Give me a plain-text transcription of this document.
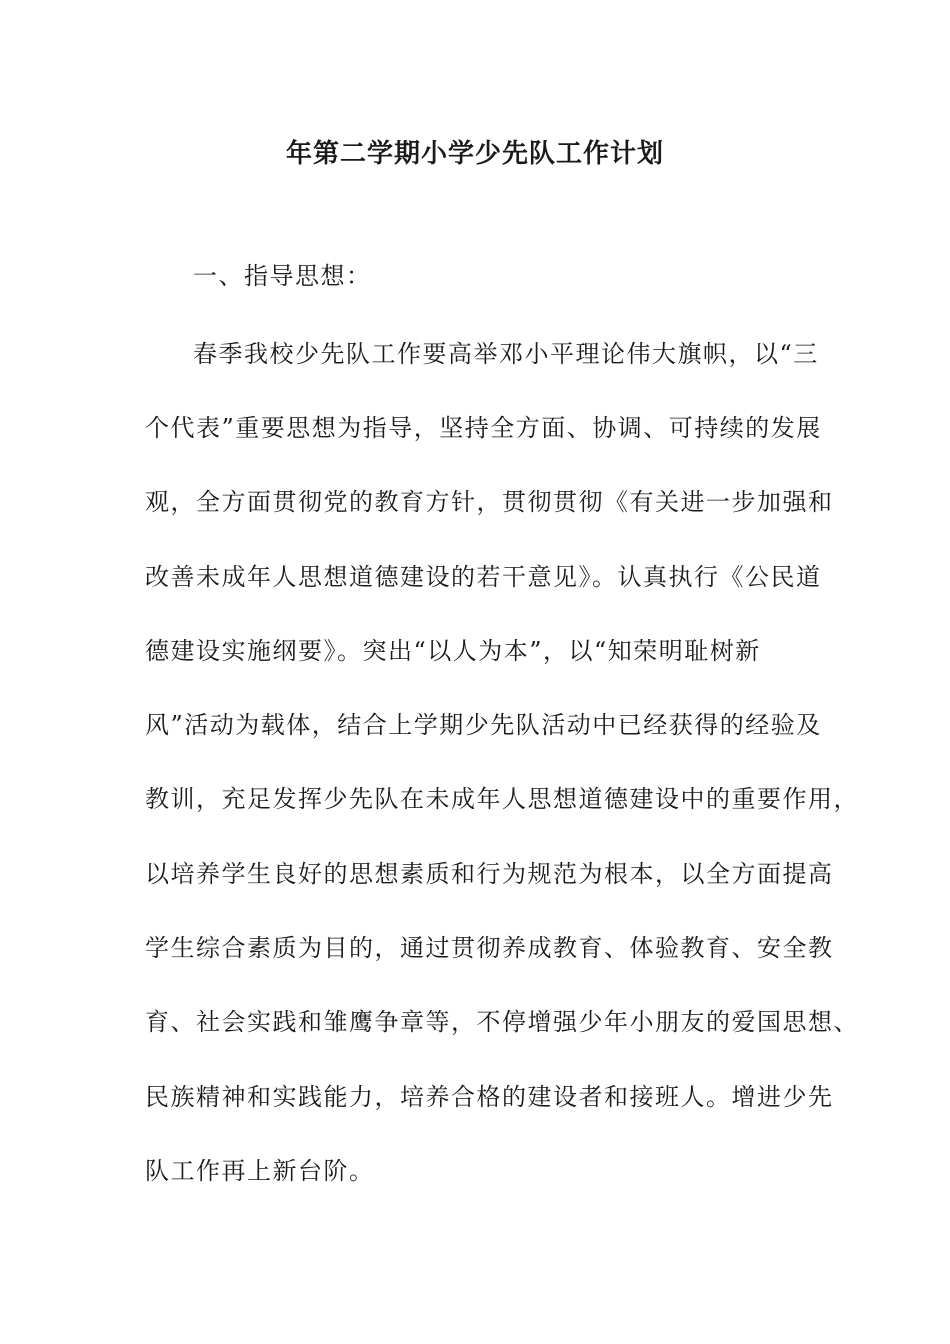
年第二学期小学少先队工作计划
一、指导思想：
春季我校少先队工作要高举邓小平理论伟大旗帜，以“三
个代表”重要思想为指导，坚持全方面、协调、可持续的发展
观，全方面贯彻党的教育方针，贯彻贯彻《有关进一步加强和
改善未成年人思想道德建设的若干意见》。认真执行《公民道
德建设实施纲要》。突出“以人为本”，以“知荣明耻树新
风”活动为载体，结合上学期少先队活动中已经获得的经验及
教训，充足发挥少先队在未成年人思想道德建设中的重要作用，
以培养学生良好的思想素质和行为规范为根本，以全方面提高
学生综合素质为目的，通过贯彻养成教育、体验教育、安全教
育、社会实践和雏鹰争章等，不停增强少年小朋友的爱国思想、
民族精神和实践能力，培养合格的建设者和接班人。增进少先
队工作再上新台阶。
